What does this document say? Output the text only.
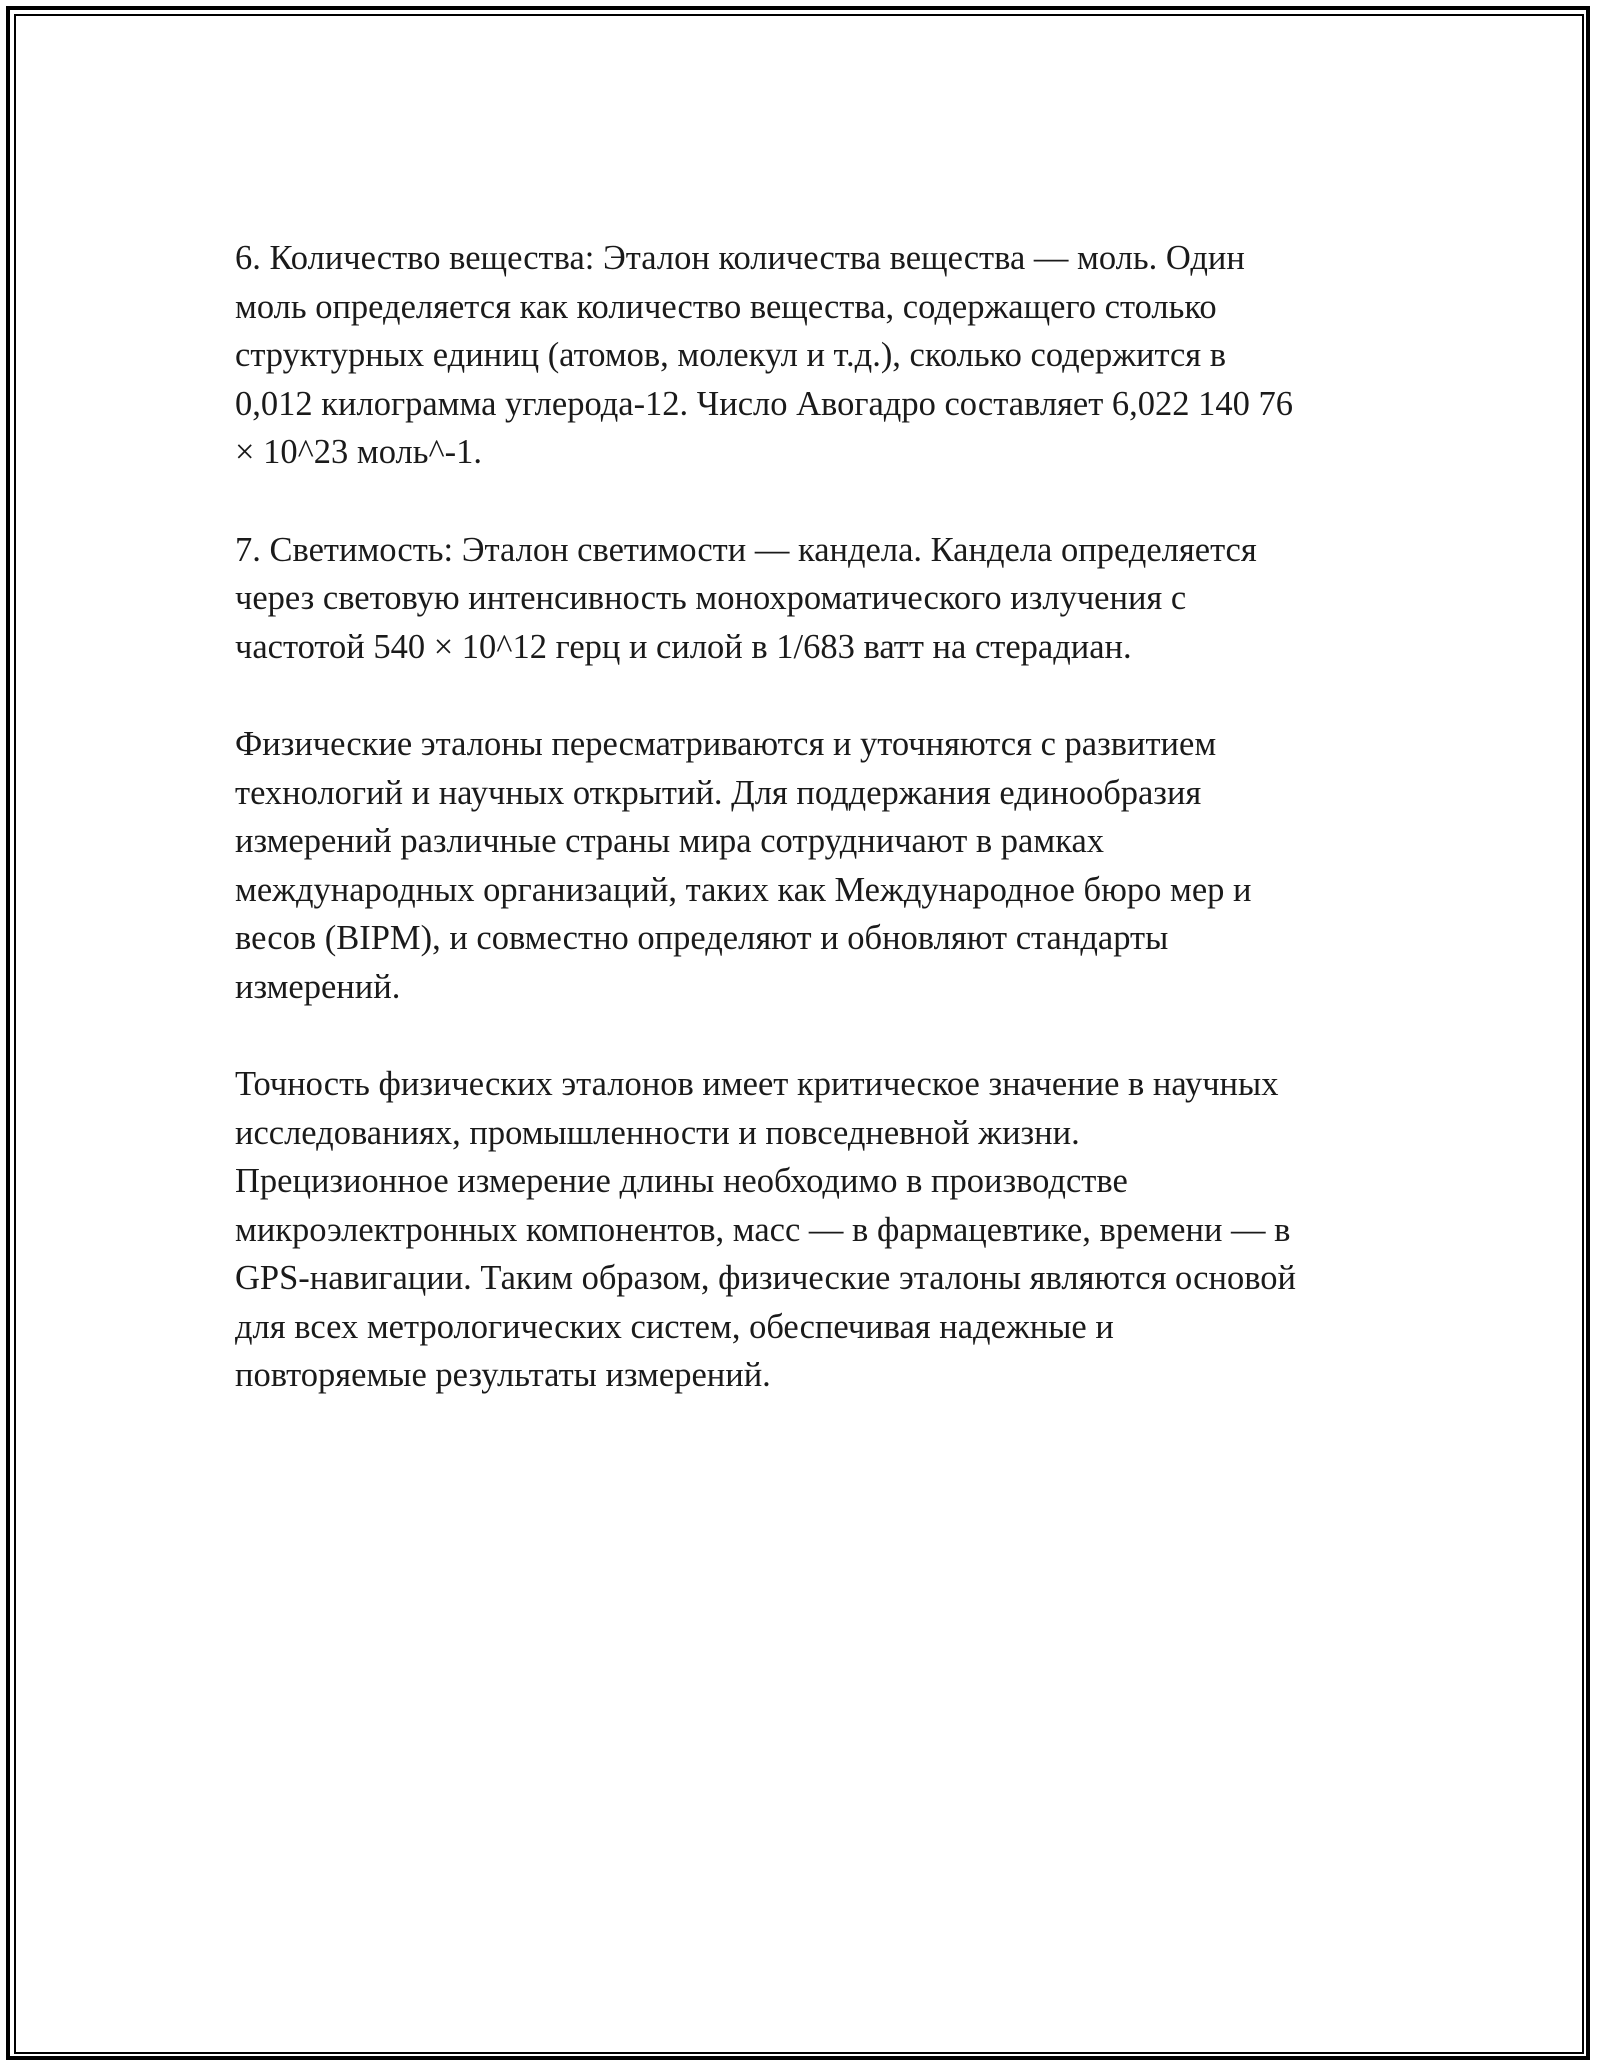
6. Количество вещества: Эталон количества вещества — моль. Один
моль определяется как количество вещества, содержащего столько
структурных единиц (атомов, молекул и т.д.), сколько содержится в
0,012 килограмма углерода-12. Число Авогадро составляет 6,022 140 76
× 10^23 моль^-1.

7. Светимость: Эталон светимости — кандела. Кандела определяется
через световую интенсивность монохроматического излучения с
частотой 540 × 10^12 герц и силой в 1/683 ватт на стерадиан.

Физические эталоны пересматриваются и уточняются с развитием
технологий и научных открытий. Для поддержания единообразия
измерений различные страны мира сотрудничают в рамках
международных организаций, таких как Международное бюро мер и
весов (BIPM), и совместно определяют и обновляют стандарты
измерений.

Точность физических эталонов имеет критическое значение в научных
исследованиях, промышленности и повседневной жизни.
Прецизионное измерение длины необходимо в производстве
микроэлектронных компонентов, масс — в фармацевтике, времени — в
GPS-навигации. Таким образом, физические эталоны являются основой
для всех метрологических систем, обеспечивая надежные и
повторяемые результаты измерений.
